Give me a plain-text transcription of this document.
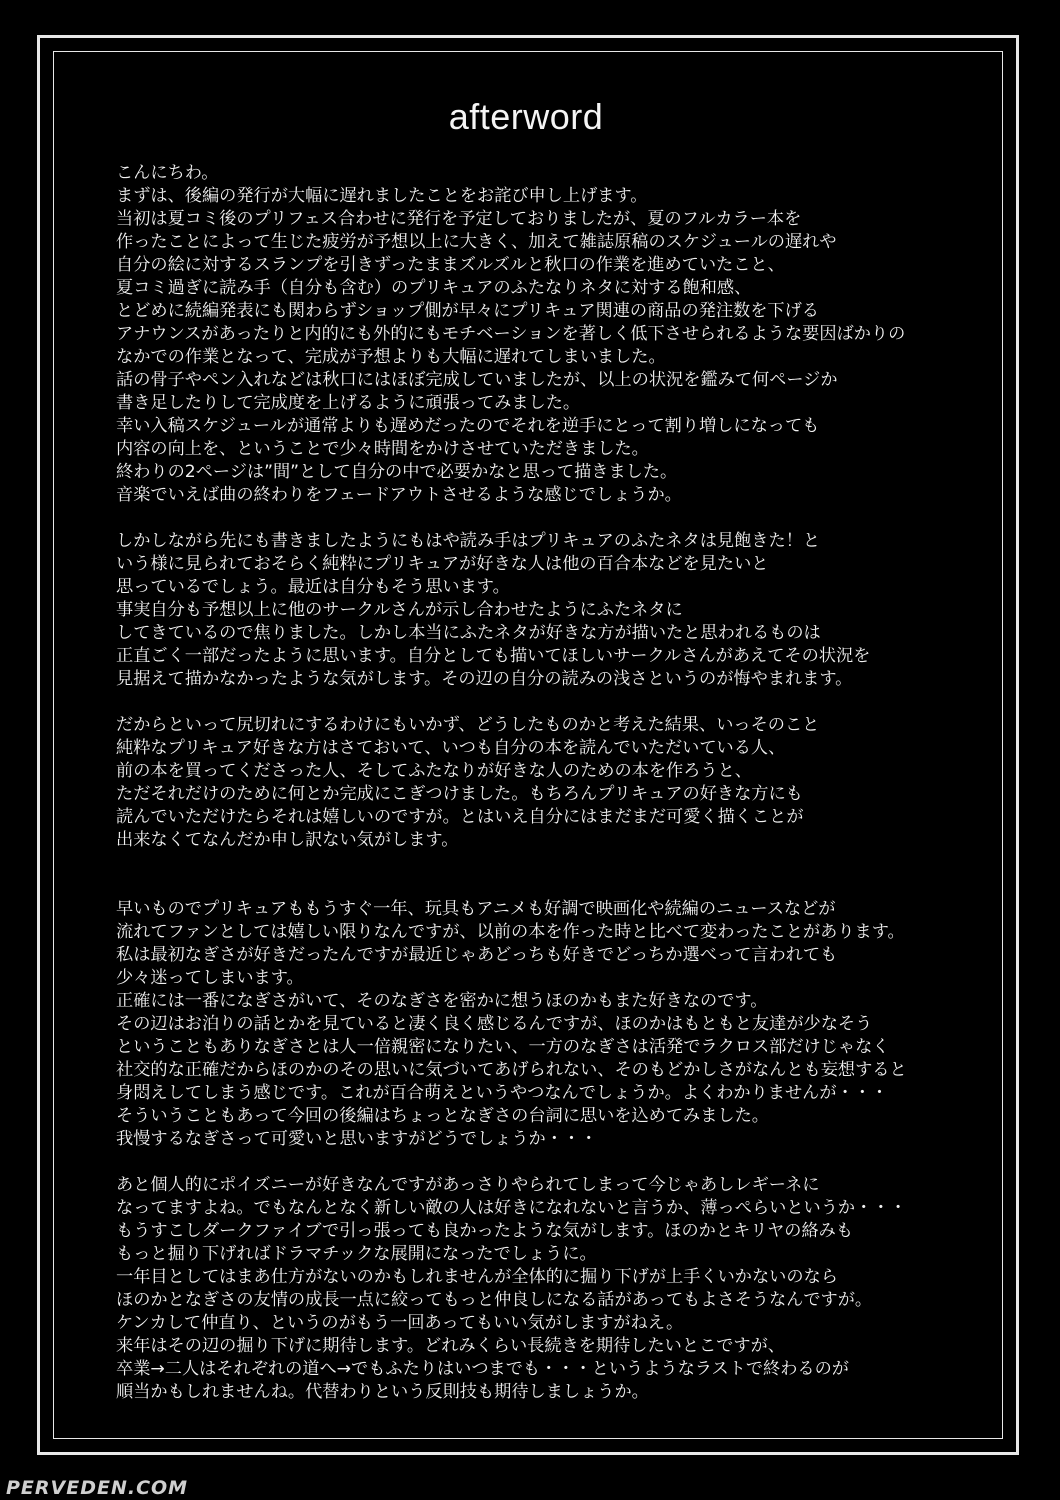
afterword
こんにちわ。
まずは、後編の発行が大幅に遅れましたことをお詫び申し上げます。
当初は夏コミ後のプリフェス合わせに発行を予定しておりましたが、夏のフルカラー本を
作ったことによって生じた疲労が予想以上に大きく、加えて雑誌原稿のスケジュールの遅れや
自分の絵に対するスランプを引きずったままズルズルと秋口の作業を進めていたこと、
夏コミ過ぎに読み手（自分も含む）のプリキュアのふたなりネタに対する飽和感、
とどめに続編発表にも関わらずショップ側が早々にプリキュア関連の商品の発注数を下げる
アナウンスがあったりと内的にも外的にもモチベーションを著しく低下させられるような要因ばかりの
なかでの作業となって、完成が予想よりも大幅に遅れてしまいました。
話の骨子やペン入れなどは秋口にはほぼ完成していましたが、以上の状況を鑑みて何ページか
書き足したりして完成度を上げるように頑張ってみました。
幸い入稿スケジュールが通常よりも遅めだったのでそれを逆手にとって割り増しになっても
内容の向上を、ということで少々時間をかけさせていただきました。
終わりの2ページは”間”として自分の中で必要かなと思って描きました。
音楽でいえば曲の終わりをフェードアウトさせるような感じでしょうか。
しかしながら先にも書きましたようにもはや読み手はプリキュアのふたネタは見飽きた！と
いう様に見られておそらく純粋にプリキュアが好きな人は他の百合本などを見たいと
思っているでしょう。最近は自分もそう思います。
事実自分も予想以上に他のサークルさんが示し合わせたようにふたネタに
してきているので焦りました。しかし本当にふたネタが好きな方が描いたと思われるものは
正直ごく一部だったように思います。自分としても描いてほしいサークルさんがあえてその状況を
見据えて描かなかったような気がします。その辺の自分の読みの浅さというのが悔やまれます。
だからといって尻切れにするわけにもいかず、どうしたものかと考えた結果、いっそのこと
純粋なプリキュア好きな方はさておいて、いつも自分の本を読んでいただいている人、
前の本を買ってくださった人、そしてふたなりが好きな人のための本を作ろうと、
ただそれだけのために何とか完成にこぎつけました。もちろんプリキュアの好きな方にも
読んでいただけたらそれは嬉しいのですが。とはいえ自分にはまだまだ可愛く描くことが
出来なくてなんだか申し訳ない気がします。
早いものでプリキュアももうすぐ一年、玩具もアニメも好調で映画化や続編のニュースなどが
流れてファンとしては嬉しい限りなんですが、以前の本を作った時と比べて変わったことがあります。
私は最初なぎさが好きだったんですが最近じゃあどっちも好きでどっちか選べって言われても
少々迷ってしまいます。
正確には一番になぎさがいて、そのなぎさを密かに想うほのかもまた好きなのです。
その辺はお泊りの話とかを見ていると凄く良く感じるんですが、ほのかはもともと友達が少なそう
ということもありなぎさとは人一倍親密になりたい、一方のなぎさは活発でラクロス部だけじゃなく
社交的な正確だからほのかのその思いに気づいてあげられない、そのもどかしさがなんとも妄想すると
身悶えしてしまう感じです。これが百合萌えというやつなんでしょうか。よくわかりませんが・・・
そういうこともあって今回の後編はちょっとなぎさの台詞に思いを込めてみました。
我慢するなぎさって可愛いと思いますがどうでしょうか・・・
あと個人的にポイズニーが好きなんですがあっさりやられてしまって今じゃあしレギーネに
なってますよね。でもなんとなく新しい敵の人は好きになれないと言うか、薄っぺらいというか・・・
もうすこしダークファイブで引っ張っても良かったような気がします。ほのかとキリヤの絡みも
もっと掘り下げればドラマチックな展開になったでしょうに。
一年目としてはまあ仕方がないのかもしれませんが全体的に掘り下げが上手くいかないのなら
ほのかとなぎさの友情の成長一点に絞ってもっと仲良しになる話があってもよさそうなんですが。
ケンカして仲直り、というのがもう一回あってもいい気がしますがねえ。
来年はその辺の掘り下げに期待します。どれみくらい長続きを期待したいとこですが、
卒業→二人はそれぞれの道へ→でもふたりはいつまでも・・・というようなラストで終わるのが
順当かもしれませんね。代替わりという反則技も期待しましょうか。
PERVEDEN.COM
